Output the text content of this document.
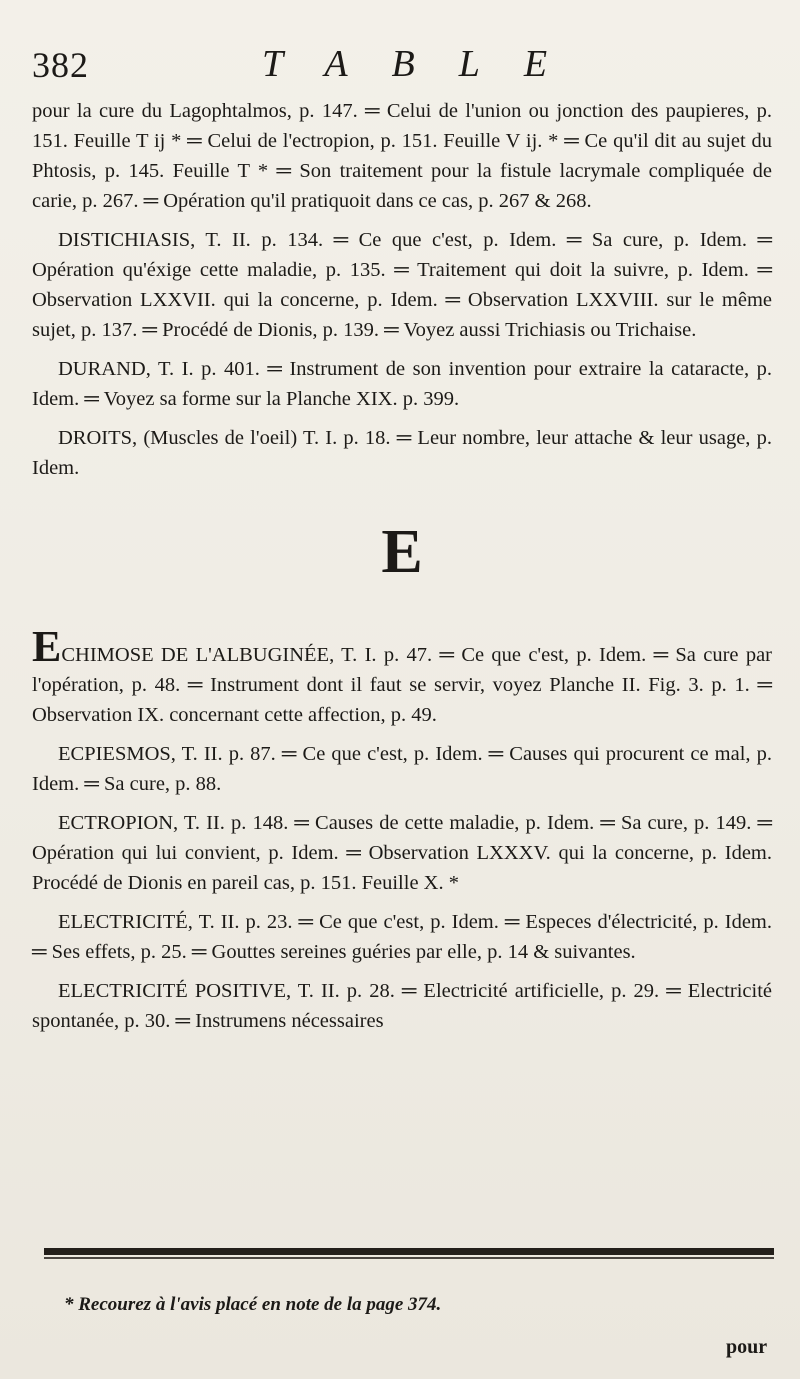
382	TABLE

pour la cure du Lagophtalmos, p. 147. ═ Celui de l'union ou jonction des paupieres, p. 151. Feuille T ij * ═ Celui de l'ectropion, p. 151. Feuille V ij. * ═ Ce qu'il dit au sujet du Phtosis, p. 145. Feuille T * ═ Son traitement pour la fistule lacrymale compliquée de carie, p. 267. ═ Opération qu'il pratiquoit dans ce cas, p. 267 & 268.

DISTICHIASIS, T. II. p. 134. ═ Ce que c'est, p. Idem. ═ Sa cure, p. Idem. ═ Opération qu'éxige cette maladie, p. 135. ═ Traitement qui doit la suivre, p. Idem. ═ Observation LXXVII. qui la concerne, p. Idem. ═ Observation LXXVIII. sur le même sujet, p. 137. ═ Procédé de Dionis, p. 139. ═ Voyez aussi Trichiasis ou Trichaise.

DURAND, T. I. p. 401. ═ Instrument de son invention pour extraire la cataracte, p. Idem. ═ Voyez sa forme sur la Planche XIX. p. 399.

DROITS, (Muscles de l'oeil) T. I. p. 18. ═ Leur nombre, leur attache & leur usage, p. Idem.

E

ECHIMOSE DE L'ALBUGINÉE, T. I. p. 47. ═ Ce que c'est, p. Idem. ═ Sa cure par l'opération, p. 48. ═ Instrument dont il faut se servir, voyez Planche II. Fig. 3. p. 1. ═ Observation IX. concernant cette affection, p. 49.

ECPIESMOS, T. II. p. 87. ═ Ce que c'est, p. Idem. ═ Causes qui procurent ce mal, p. Idem. ═ Sa cure, p. 88.

ECTROPION, T. II. p. 148. ═ Causes de cette maladie, p. Idem. ═ Sa cure, p. 149. ═ Opération qui lui convient, p. Idem. ═ Observation LXXXV. qui la concerne, p. Idem. Procédé de Dionis en pareil cas, p. 151. Feuille X. *

ELECTRICITÉ, T. II. p. 23. ═ Ce que c'est, p. Idem. ═ Especes d'électricité, p. Idem. ═ Ses effets, p. 25. ═ Gouttes sereines guéries par elle, p. 14 & suivantes.

ELECTRICITÉ POSITIVE, T. II. p. 28. ═ Electricité artificielle, p. 29. ═ Electricité spontanée, p. 30. ═ Instrumens nécessaires

* Recourez à l'avis placé en note de la page 374.
pour
